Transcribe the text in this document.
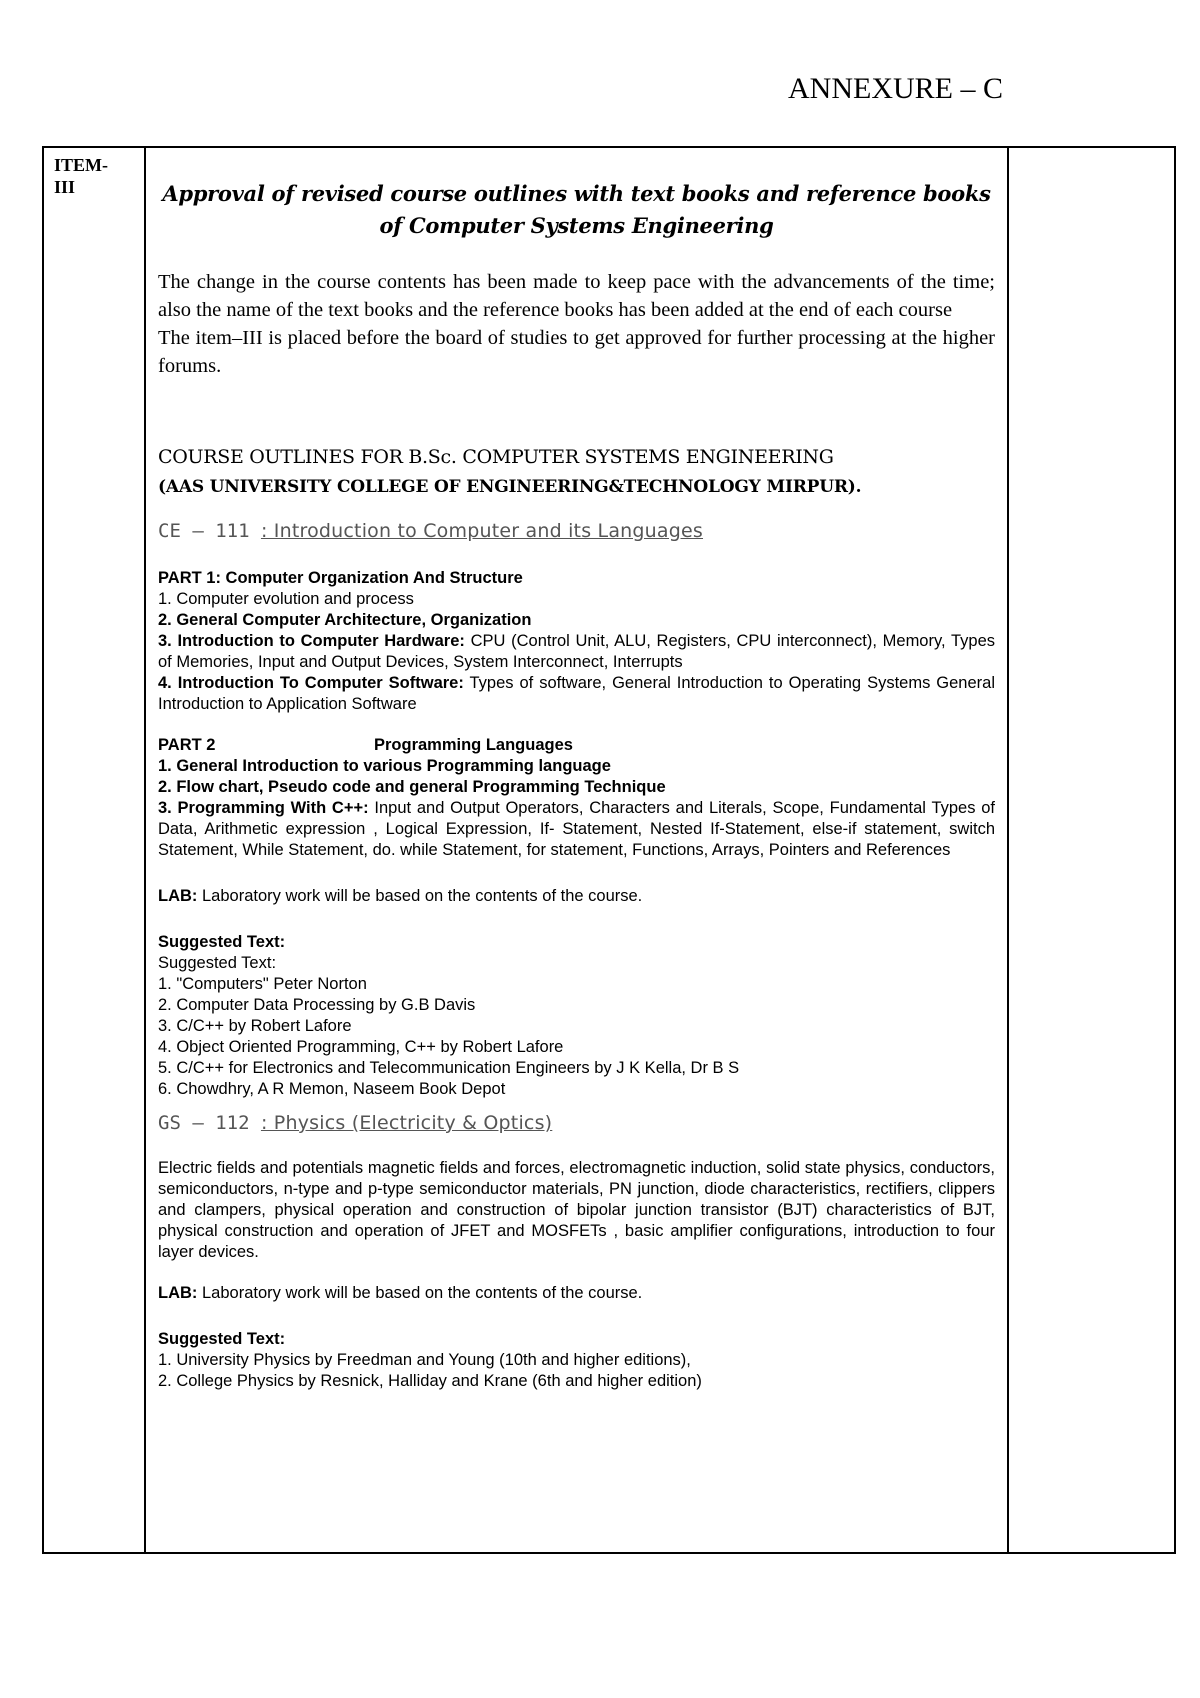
ANNEXURE – C
ITEM-III	Approval of revised course outlines with text books and reference books of Computer Systems Engineering

The change in the course contents has been made to keep pace with the advancements of the time; also the name of the text books and the reference books has been added at the end of each course

The item–III is placed before the board of studies to get approved for further processing at the higher forums.

COURSE OUTLINES FOR B.Sc. COMPUTER SYSTEMS ENGINEERING
(AAS UNIVERSITY COLLEGE OF ENGINEERING&TECHNOLOGY MIRPUR).
CE – 111 : Introduction to Computer and its Languages

PART 1: Computer Organization And Structure

1. Computer evolution and process

2. General Computer Architecture, Organization

3. Introduction to Computer Hardware: CPU (Control Unit, ALU, Registers, CPU interconnect), Memory, Types of Memories, Input and Output Devices, System Interconnect, Interrupts

4. Introduction To Computer Software: Types of software, General Introduction to Operating Systems General Introduction to Application Software

PART 2	Programming Languages

1. General Introduction to various Programming language

2. Flow chart, Pseudo code and general Programming Technique

3. Programming With C++: Input and Output Operators, Characters and Literals, Scope, Fundamental Types of Data, Arithmetic expression , Logical Expression, If- Statement, Nested If-Statement, else-if statement, switch Statement, While Statement, do. while Statement, for statement, Functions, Arrays, Pointers and References

LAB: Laboratory work will be based on the contents of the course.

Suggested Text:

Suggested Text:

1. "Computers" Peter Norton

2. Computer Data Processing by G.B Davis

3. C/C++ by Robert Lafore

4. Object Oriented Programming, C++ by Robert Lafore

5. C/C++ for Electronics and Telecommunication Engineers by J K Kella, Dr B S

6. Chowdhry, A R Memon, Naseem Book Depot

GS – 112 : Physics (Electricity & Optics)

Electric fields and potentials magnetic fields and forces, electromagnetic induction, solid state physics, conductors, semiconductors, n-type and p-type semiconductor materials, PN junction, diode characteristics, rectifiers, clippers and clampers, physical operation and construction of bipolar junction transistor (BJT) characteristics of BJT, physical construction and operation of JFET and MOSFETs , basic amplifier configurations, introduction to four layer devices.

LAB: Laboratory work will be based on the contents of the course.

Suggested Text:

1. University Physics by Freedman and Young (10th and higher editions),

2. College Physics by Resnick, Halliday and Krane (6th and higher edition)
